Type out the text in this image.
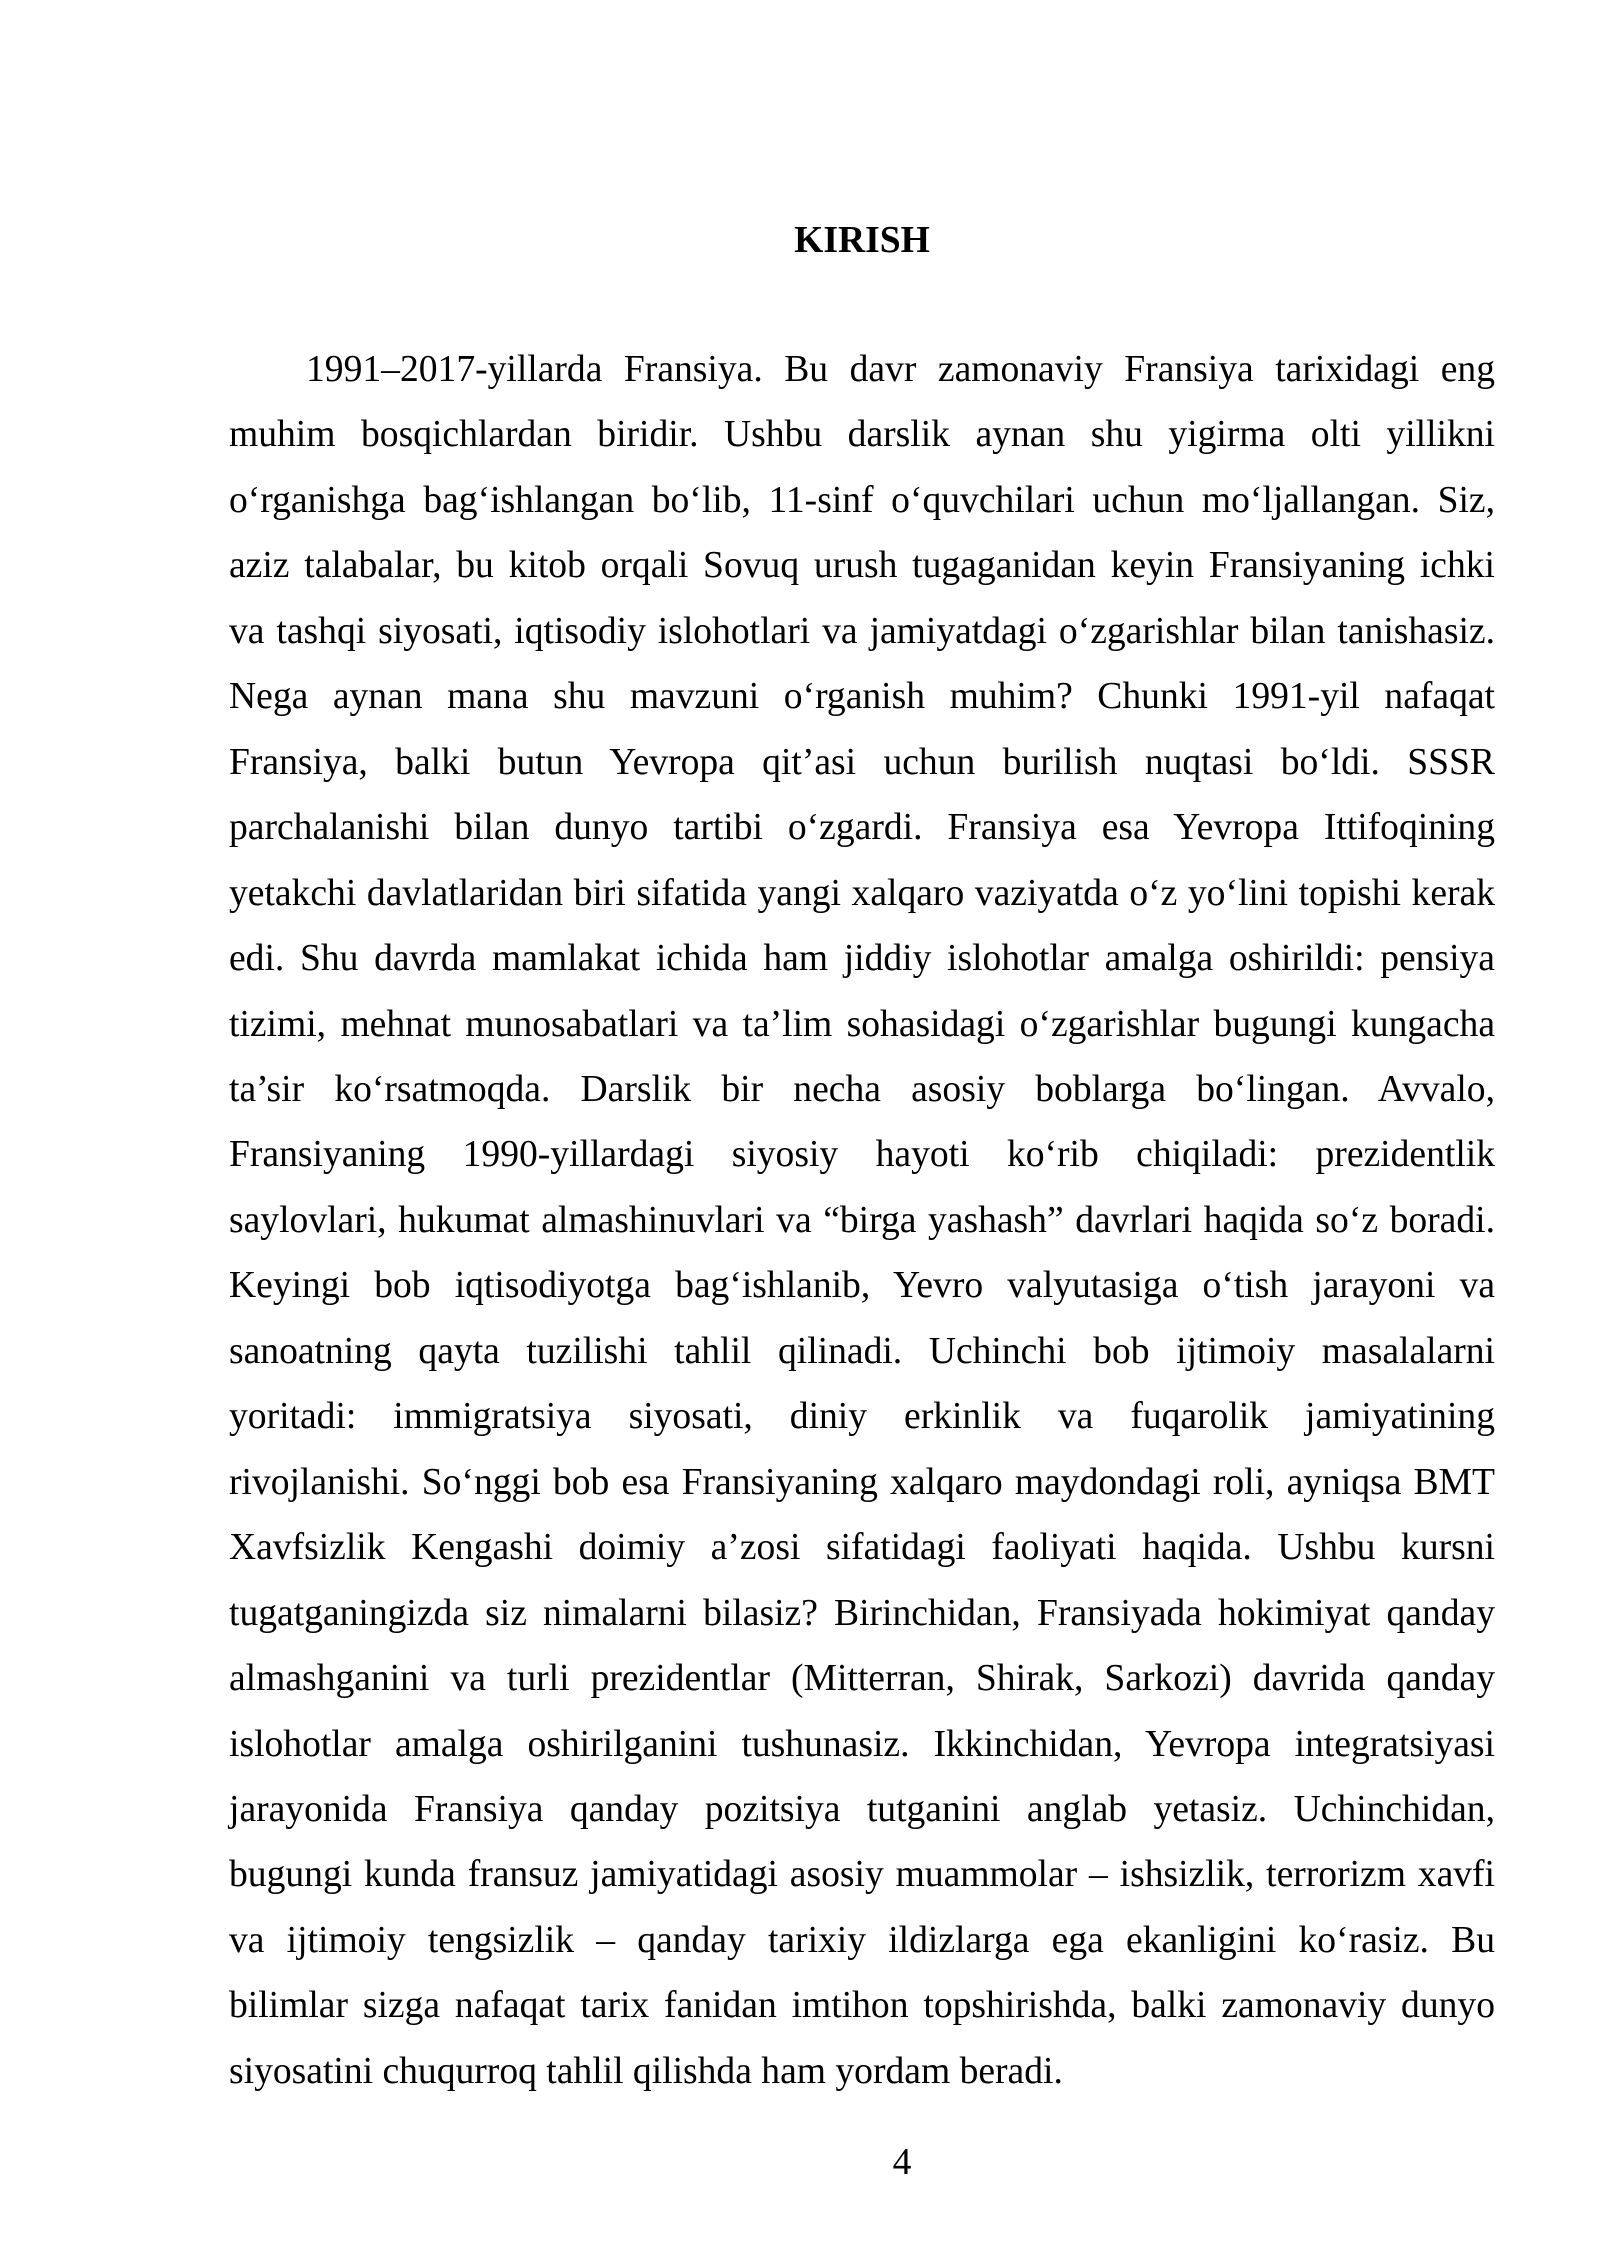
KIRISH
1991–2017-yillarda Fransiya. Bu davr zamonaviy Fransiya tarixidagi eng
muhim bosqichlardan biridir. Ushbu darslik aynan shu yigirma olti yillikni
o‘rganishga bag‘ishlangan bo‘lib, 11-sinf o‘quvchilari uchun mo‘ljallangan. Siz,
aziz talabalar, bu kitob orqali Sovuq urush tugaganidan keyin Fransiyaning ichki
va tashqi siyosati, iqtisodiy islohotlari va jamiyatdagi o‘zgarishlar bilan tanishasiz.
Nega aynan mana shu mavzuni o‘rganish muhim? Chunki 1991-yil nafaqat
Fransiya, balki butun Yevropa qit’asi uchun burilish nuqtasi bo‘ldi. SSSR
parchalanishi bilan dunyo tartibi o‘zgardi. Fransiya esa Yevropa Ittifoqining
yetakchi davlatlaridan biri sifatida yangi xalqaro vaziyatda o‘z yo‘lini topishi kerak
edi. Shu davrda mamlakat ichida ham jiddiy islohotlar amalga oshirildi: pensiya
tizimi, mehnat munosabatlari va ta’lim sohasidagi o‘zgarishlar bugungi kungacha
ta’sir ko‘rsatmoqda. Darslik bir necha asosiy boblarga bo‘lingan. Avvalo,
Fransiyaning 1990-yillardagi siyosiy hayoti ko‘rib chiqiladi: prezidentlik
saylovlari, hukumat almashinuvlari va “birga yashash” davrlari haqida so‘z boradi.
Keyingi bob iqtisodiyotga bag‘ishlanib, Yevro valyutasiga o‘tish jarayoni va
sanoatning qayta tuzilishi tahlil qilinadi. Uchinchi bob ijtimoiy masalalarni
yoritadi: immigratsiya siyosati, diniy erkinlik va fuqarolik jamiyatining
rivojlanishi. So‘nggi bob esa Fransiyaning xalqaro maydondagi roli, ayniqsa BMT
Xavfsizlik Kengashi doimiy a’zosi sifatidagi faoliyati haqida. Ushbu kursni
tugatganingizda siz nimalarni bilasiz? Birinchidan, Fransiyada hokimiyat qanday
almashganini va turli prezidentlar (Mitterran, Shirak, Sarkozi) davrida qanday
islohotlar amalga oshirilganini tushunasiz. Ikkinchidan, Yevropa integratsiyasi
jarayonida Fransiya qanday pozitsiya tutganini anglab yetasiz. Uchinchidan,
bugungi kunda fransuz jamiyatidagi asosiy muammolar – ishsizlik, terrorizm xavfi
va ijtimoiy tengsizlik – qanday tarixiy ildizlarga ega ekanligini ko‘rasiz. Bu
bilimlar sizga nafaqat tarix fanidan imtihon topshirishda, balki zamonaviy dunyo
siyosatini chuqurroq tahlil qilishda ham yordam beradi.
4
